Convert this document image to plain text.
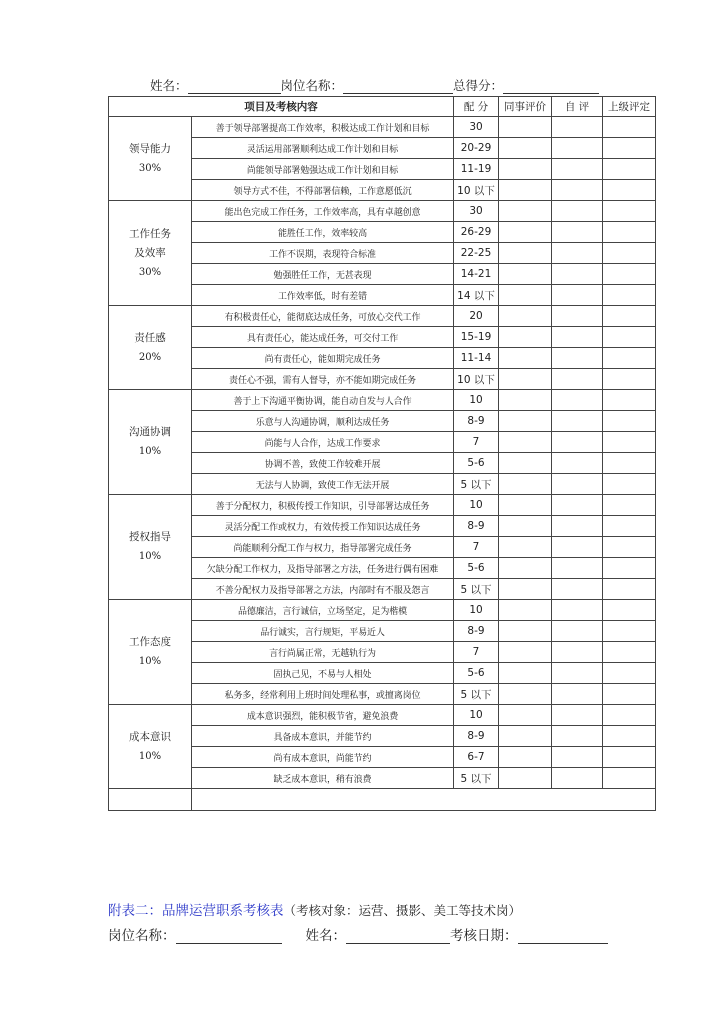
姓名：	岗位名称：	总得分：
项目及考核内容		配 分	同事评价	自 评	上级评定

领导能力
30%	善于领导部署提高工作效率，积极达成工作计划和目标	30			
	灵活运用部署顺利达成工作计划和目标	20-29			
	尚能领导部署勉强达成工作计划和目标	11-19			
	领导方式不佳，不得部署信赖，工作意愿低沉	10 以下			

工作任务
及效率
30%	能出色完成工作任务，工作效率高，具有卓越创意	30			
	能胜任工作，效率较高	26-29			
	工作不误期，表现符合标准	22-25			
	勉强胜任工作，无甚表现	14-21			
	工作效率低，时有差错	14 以下			

责任感
20%	有积极责任心，能彻底达成任务，可放心交代工作	20			
	具有责任心，能达成任务，可交付工作	15-19			
	尚有责任心，能如期完成任务	11-14			
	责任心不强，需有人督导，亦不能如期完成任务	10 以下			

沟通协调
10%	善于上下沟通平衡协调，能自动自发与人合作	10			
	乐意与人沟通协调，顺利达成任务	8-9			
	尚能与人合作，达成工作要求	7			
	协调不善，致使工作较难开展	5-6			
	无法与人协调，致使工作无法开展	5 以下			

授权指导
10%	善于分配权力，积极传授工作知识，引导部署达成任务	10			
	灵活分配工作或权力，有效传授工作知识达成任务	8-9			
	尚能顺利分配工作与权力，指导部署完成任务	7			
	欠缺分配工作权力，及指导部署之方法，任务进行偶有困难	5-6			
	不善分配权力及指导部署之方法，内部时有不服及怨言	5 以下			

工作态度
10%	品德廉洁，言行诚信，立场坚定，足为楷模	10			
	品行诚实，言行规矩，平易近人	8-9			
	言行尚属正常，无越轨行为	7			
	固执己见，不易与人相处	5-6			
	私务多，经常利用上班时间处理私事，或擅离岗位	5 以下			

成本意识
10%	成本意识强烈，能积极节省，避免浪费	10			
	具备成本意识，并能节约	8-9			
	尚有成本意识，尚能节约	6-7			
	缺乏成本意识，稍有浪费	5 以下			

附表二：品牌运营职系考核表（考核对象：运营、摄影、美工等技术岗）
岗位名称：	姓名：	考核日期：
